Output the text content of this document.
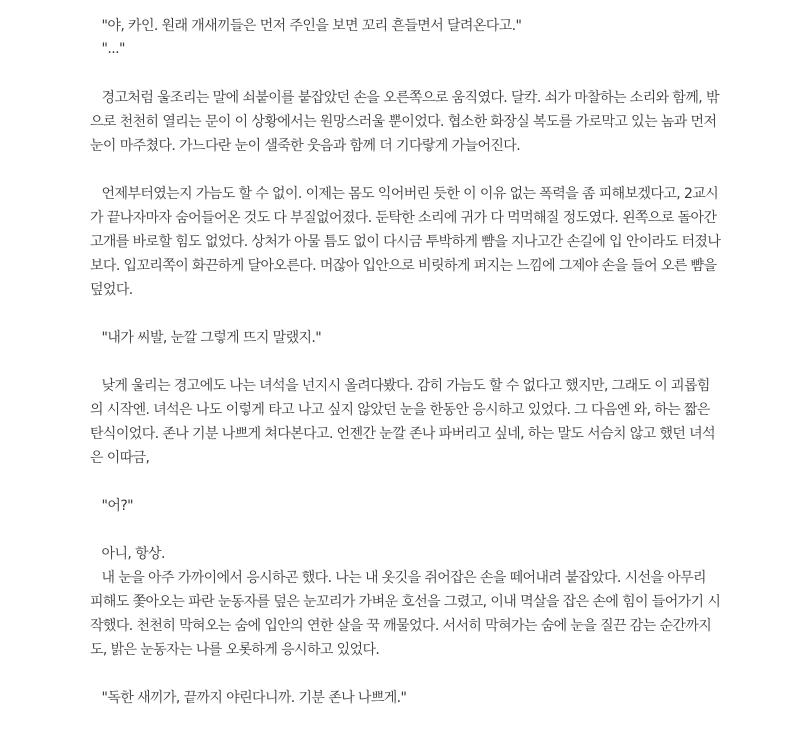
"야, 카인. 원래 개새끼들은 먼저 주인을 보면 꼬리 흔들면서 달려온다고."
"..."
경고처럼 울조리는 말에 쇠붙이를 붙잡았던 손을 오른쪽으로 움직였다. 달칵. 쇠가 마찰하는 소리와 함께, 밖
으로 천천히 열리는 문이 이 상황에서는 원망스러울 뿐이었다. 협소한 화장실 복도를 가로막고 있는 놈과 먼저
눈이 마주쳤다. 가느다란 눈이 샐죽한 웃음과 함께 더 기다랗게 가늘어진다.
언제부터였는지 가늠도 할 수 없이. 이제는 몸도 익어버린 듯한 이 이유 없는 폭력을 좀 피해보겠다고, 2교시
가 끝나자마자 숨어들어온 것도 다 부질없어졌다. 둔탁한 소리에 귀가 다 먹먹해질 정도였다. 왼쪽으로 돌아간
고개를 바로할 힘도 없었다. 상처가 아물 틈도 없이 다시금 투박하게 뺨을 지나고간 손길에 입 안이라도 터졌나
보다. 입꼬리쪽이 화끈하게 달아오른다. 머잖아 입안으로 비릿하게 퍼지는 느낌에 그제야 손을 들어 오른 뺨을
덮었다.
"내가 씨발, 눈깔 그렇게 뜨지 말랬지."
낮게 울리는 경고에도 나는 녀석을 넌지시 올려다봤다. 감히 가늠도 할 수 없다고 했지만, 그래도 이 괴롭힘
의 시작엔. 녀석은 나도 이렇게 타고 나고 싶지 않았던 눈을 한동안 응시하고 있었다. 그 다음엔 와, 하는 짧은
탄식이었다. 존나 기분 나쁘게 쳐다본다고. 언젠간 눈깔 존나 파버리고 싶네, 하는 말도 서슴치 않고 했던 녀석
은 이따금,
"어?"
아니, 항상.
내 눈을 아주 가까이에서 응시하곤 했다. 나는 내 옷깃을 쥐어잡은 손을 떼어내려 붙잡았다. 시선을 아무리
피해도 쫓아오는 파란 눈동자를 덮은 눈꼬리가 가벼운 호선을 그렸고, 이내 멱살을 잡은 손에 힘이 들어가기 시
작했다. 천천히 막혀오는 숨에 입안의 연한 살을 꾹 깨물었다. 서서히 막혀가는 숨에 눈을 질끈 감는 순간까지
도, 밝은 눈동자는 나를 오롯하게 응시하고 있었다.
"독한 새끼가, 끝까지 야린다니까. 기분 존나 나쁘게."
